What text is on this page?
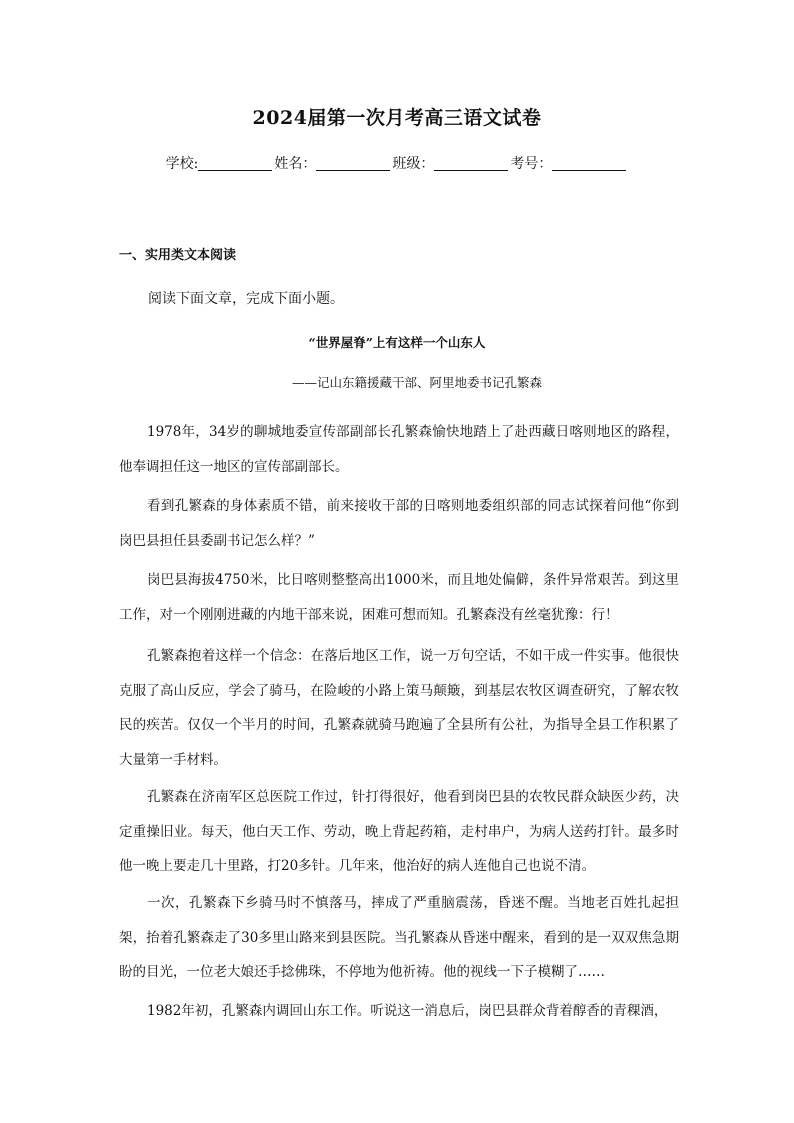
2024届第一次月考高三语文试卷
学校:	姓名：	班级：	考号：
一、实用类文本阅读
阅读下面文章，完成下面小题。
“世界屋脊”上有这样一个山东人
——记山东籍援藏干部、阿里地委书记孔繁森

1978年，34岁的聊城地委宣传部副部长孔繁森愉快地踏上了赴西藏日喀则地区的路程，他奉调担任这一地区的宣传部副部长。

看到孔繁森的身体素质不错，前来接收干部的日喀则地委组织部的同志试探着问他“你到岗巴县担任县委副书记怎么样？”

岗巴县海拔4750米，比日喀则整整高出1000米，而且地处偏僻，条件异常艰苦。到这里工作，对一个刚刚进藏的内地干部来说，困难可想而知。孔繁森没有丝毫犹豫：行！

孔繁森抱着这样一个信念：在落后地区工作，说一万句空话，不如干成一件实事。他很快克服了高山反应，学会了骑马，在险峻的小路上策马颠簸，到基层农牧区调查研究，了解农牧民的疾苦。仅仅一个半月的时间，孔繁森就骑马跑遍了全县所有公社，为指导全县工作积累了大量第一手材料。

孔繁森在济南军区总医院工作过，针打得很好，他看到岗巴县的农牧民群众缺医少药，决定重操旧业。每天，他白天工作、劳动，晚上背起药箱，走村串户，为病人送药打针。最多时他一晚上要走几十里路，打20多针。几年来，他治好的病人连他自己也说不清。

一次，孔繁森下乡骑马时不慎落马，摔成了严重脑震荡，昏迷不醒。当地老百姓扎起担架，抬着孔繁森走了30多里山路来到县医院。当孔繁森从昏迷中醒来，看到的是一双双焦急期盼的目光，一位老大娘还手捻佛珠，不停地为他祈祷。他的视线一下子模糊了……

1982年初，孔繁森内调回山东工作。听说这一消息后，岗巴县群众背着醇香的青稞酒，
